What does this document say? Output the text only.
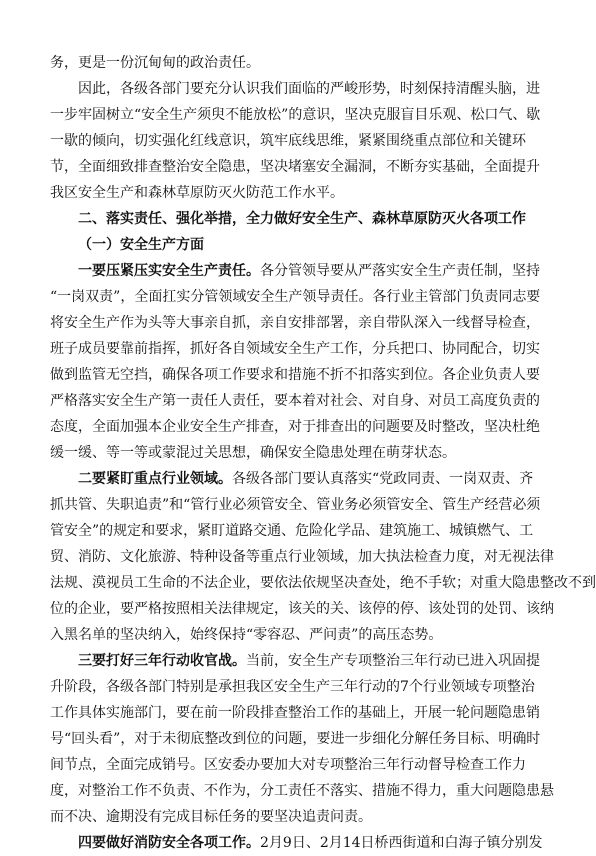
务，更是一份沉甸甸的政治责任。
因此，各级各部门要充分认识我们面临的严峻形势，时刻保持清醒头脑，进
一步牢固树立“安全生产须臾不能放松”的意识，坚决克服盲目乐观、松口气、歇
一歇的倾向，切实强化红线意识，筑牢底线思维，紧紧围绕重点部位和关键环
节，全面细致排查整治安全隐患，坚决堵塞安全漏洞，不断夯实基础，全面提升
我区安全生产和森林草原防灭火防范工作水平。
二、落实责任、强化举措，全力做好安全生产、森林草原防灭火各项工作
（一）安全生产方面
一要压紧压实安全生产责任。各分管领导要从严落实安全生产责任制，坚持
“一岗双责”，全面扛实分管领域安全生产领导责任。各行业主管部门负责同志要
将安全生产作为头等大事亲自抓，亲自安排部署，亲自带队深入一线督导检查，
班子成员要靠前指挥，抓好各自领域安全生产工作，分兵把口、协同配合，切实
做到监管无空挡，确保各项工作要求和措施不折不扣落实到位。各企业负责人要
严格落实安全生产第一责任人责任，要本着对社会、对自身、对员工高度负责的
态度，全面加强本企业安全生产排查，对于排查出的问题要及时整改，坚决杜绝
缓一缓、等一等或蒙混过关思想，确保安全隐患处理在萌芽状态。
二要紧盯重点行业领域。各级各部门要认真落实“党政同责、一岗双责、齐
抓共管、失职追责”和“管行业必须管安全、管业务必须管安全、管生产经营必须
管安全”的规定和要求，紧盯道路交通、危险化学品、建筑施工、城镇燃气、工
贸、消防、文化旅游、特种设备等重点行业领域，加大执法检查力度，对无视法律
法规、漠视员工生命的不法企业，要依法依规坚决查处，绝不手软；对重大隐患整改不到
位的企业，要严格按照相关法律规定，该关的关、该停的停、该处罚的处罚、该纳
入黑名单的坚决纳入，始终保持“零容忍、严问责”的高压态势。
三要打好三年行动收官战。当前，安全生产专项整治三年行动已进入巩固提
升阶段，各级各部门特别是承担我区安全生产三年行动的7个行业领域专项整治
工作具体实施部门，要在前一阶段排查整治工作的基础上，开展一轮问题隐患销
号“回头看”，对于未彻底整改到位的问题，要进一步细化分解任务目标、明确时
间节点，全面完成销号。区安委办要加大对专项整治三年行动督导检查工作力
度，对整治工作不负责、不作为，分工责任不落实、措施不得力，重大问题隐患悬
而不决、逾期没有完成目标任务的要坚决追责问责。
四要做好消防安全各项工作。2月9日、2月14日桥西街道和白海子镇分别发
